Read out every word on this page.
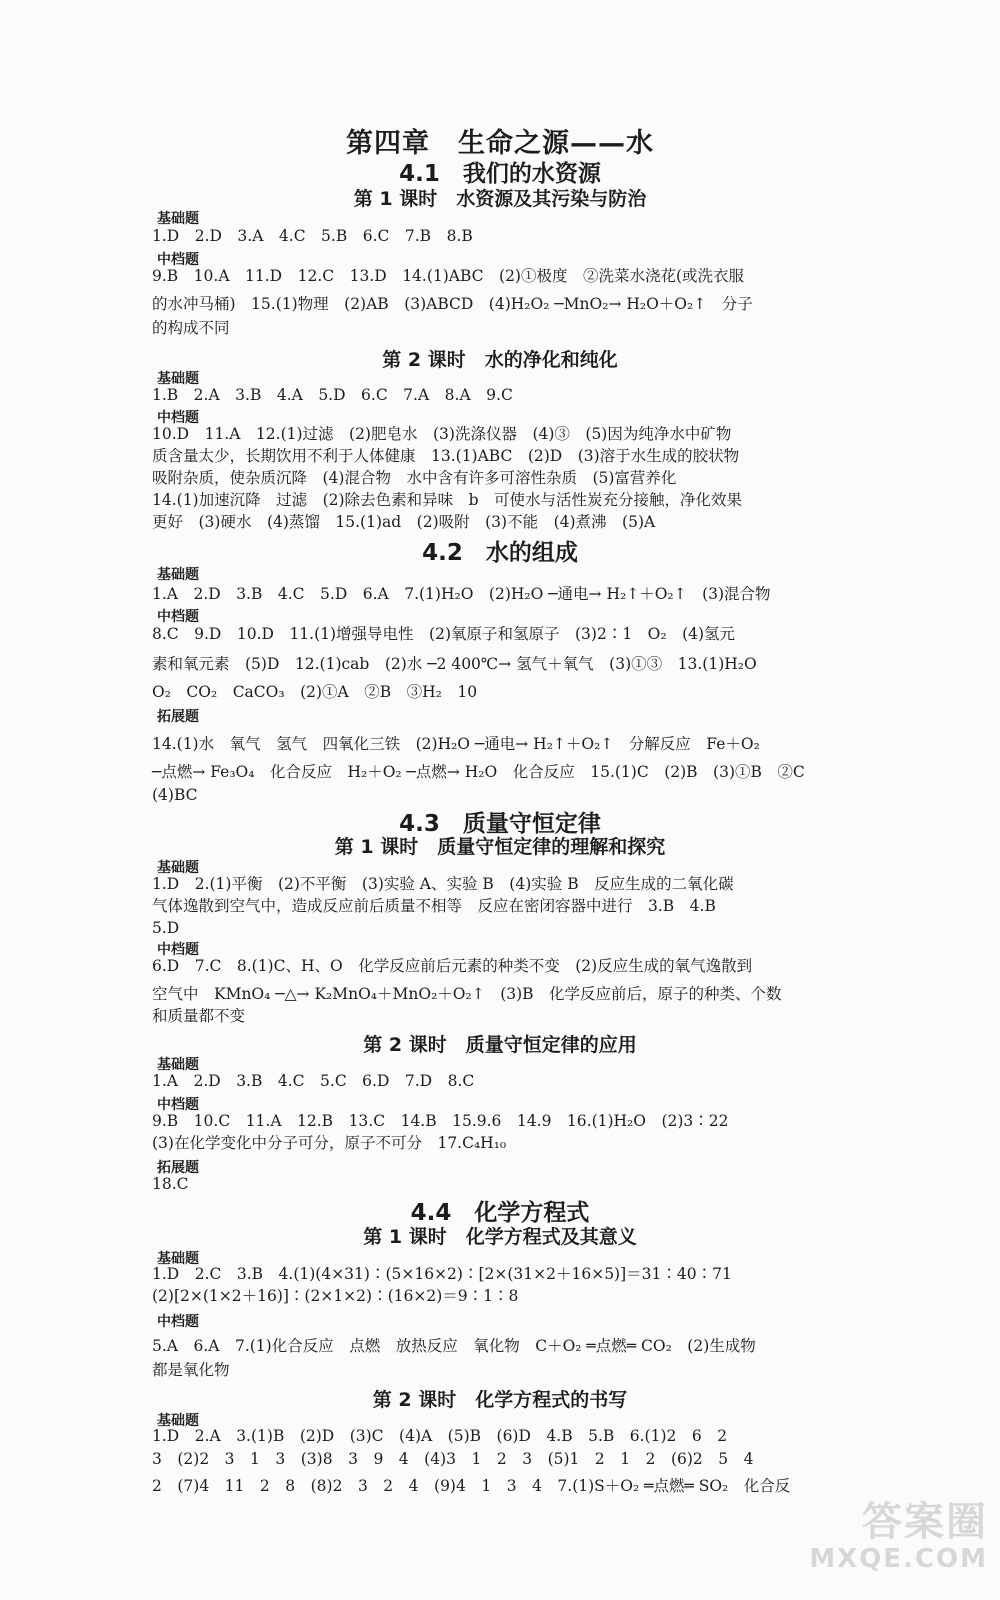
第四章　生命之源——水
4.1　我们的水资源
第 1 课时　水资源及其污染与防治
基础题
1.D　2.D　3.A　4.C　5.B　6.C　7.B　8.B
中档题
9.B　10.A　11.D　12.C　13.D　14.(1)ABC　(2)①极度　②洗菜水浇花(或洗衣服
的水冲马桶)　15.(1)物理　(2)AB　(3)ABCD　(4)H₂O₂ ─MnO₂→ H₂O＋O₂↑　分子
的构成不同
第 2 课时　水的净化和纯化
基础题
1.B　2.A　3.B　4.A　5.D　6.C　7.A　8.A　9.C
中档题
10.D　11.A　12.(1)过滤　(2)肥皂水　(3)洗涤仪器　(4)③　(5)因为纯净水中矿物
质含量太少，长期饮用不利于人体健康　13.(1)ABC　(2)D　(3)溶于水生成的胶状物
吸附杂质，使杂质沉降　(4)混合物　水中含有许多可溶性杂质　(5)富营养化
14.(1)加速沉降　过滤　(2)除去色素和异味　b　可使水与活性炭充分接触，净化效果
更好　(3)硬水　(4)蒸馏　15.(1)ad　(2)吸附　(3)不能　(4)煮沸　(5)A
4.2　水的组成
基础题
1.A　2.D　3.B　4.C　5.D　6.A　7.(1)H₂O　(2)H₂O ─通电→ H₂↑＋O₂↑　(3)混合物
中档题
8.C　9.D　10.D　11.(1)增强导电性　(2)氧原子和氢原子　(3)2∶1　O₂　(4)氢元
素和氧元素　(5)D　12.(1)cab　(2)水 ─2 400℃→ 氢气＋氧气　(3)①③　13.(1)H₂O
O₂　CO₂　CaCO₃　(2)①A　②B　③H₂　10
拓展题
14.(1)水　氧气　氢气　四氧化三铁　(2)H₂O ─通电→ H₂↑＋O₂↑　分解反应　Fe＋O₂
─点燃→ Fe₃O₄　化合反应　H₂＋O₂ ─点燃→ H₂O　化合反应　15.(1)C　(2)B　(3)①B　②C
(4)BC
4.3　质量守恒定律
第 1 课时　质量守恒定律的理解和探究
基础题
1.D　2.(1)平衡　(2)不平衡　(3)实验 A、实验 B　(4)实验 B　反应生成的二氧化碳
气体逸散到空气中，造成反应前后质量不相等　反应在密闭容器中进行　3.B　4.B
5.D
中档题
6.D　7.C　8.(1)C、H、O　化学反应前后元素的种类不变　(2)反应生成的氧气逸散到
空气中　KMnO₄ ─△→ K₂MnO₄＋MnO₂＋O₂↑　(3)B　化学反应前后，原子的种类、个数
和质量都不变
第 2 课时　质量守恒定律的应用
基础题
1.A　2.D　3.B　4.C　5.C　6.D　7.D　8.C
中档题
9.B　10.C　11.A　12.B　13.C　14.B　15.9.6　14.9　16.(1)H₂O　(2)3∶22
(3)在化学变化中分子可分，原子不可分　17.C₄H₁₀
拓展题
18.C
4.4　化学方程式
第 1 课时　化学方程式及其意义
基础题
1.D　2.C　3.B　4.(1)(4×31)∶(5×16×2)∶[2×(31×2＋16×5)]＝31∶40∶71
(2)[2×(1×2＋16)]∶(2×1×2)∶(16×2)＝9∶1∶8
中档题
5.A　6.A　7.(1)化合反应　点燃　放热反应　氧化物　C＋O₂ ═点燃═ CO₂　(2)生成物
都是氧化物
第 2 课时　化学方程式的书写
基础题
1.D　2.A　3.(1)B　(2)D　(3)C　(4)A　(5)B　(6)D　4.B　5.B　6.(1)2　6　2
3　(2)2　3　1　3　(3)8　3　9　4　(4)3　1　2　3　(5)1　2　1　2　(6)2　5　4
2　(7)4　11　2　8　(8)2　3　2　4　(9)4　1　3　4　7.(1)S＋O₂ ═点燃═ SO₂　化合反
答案圈
MXQE.COM
